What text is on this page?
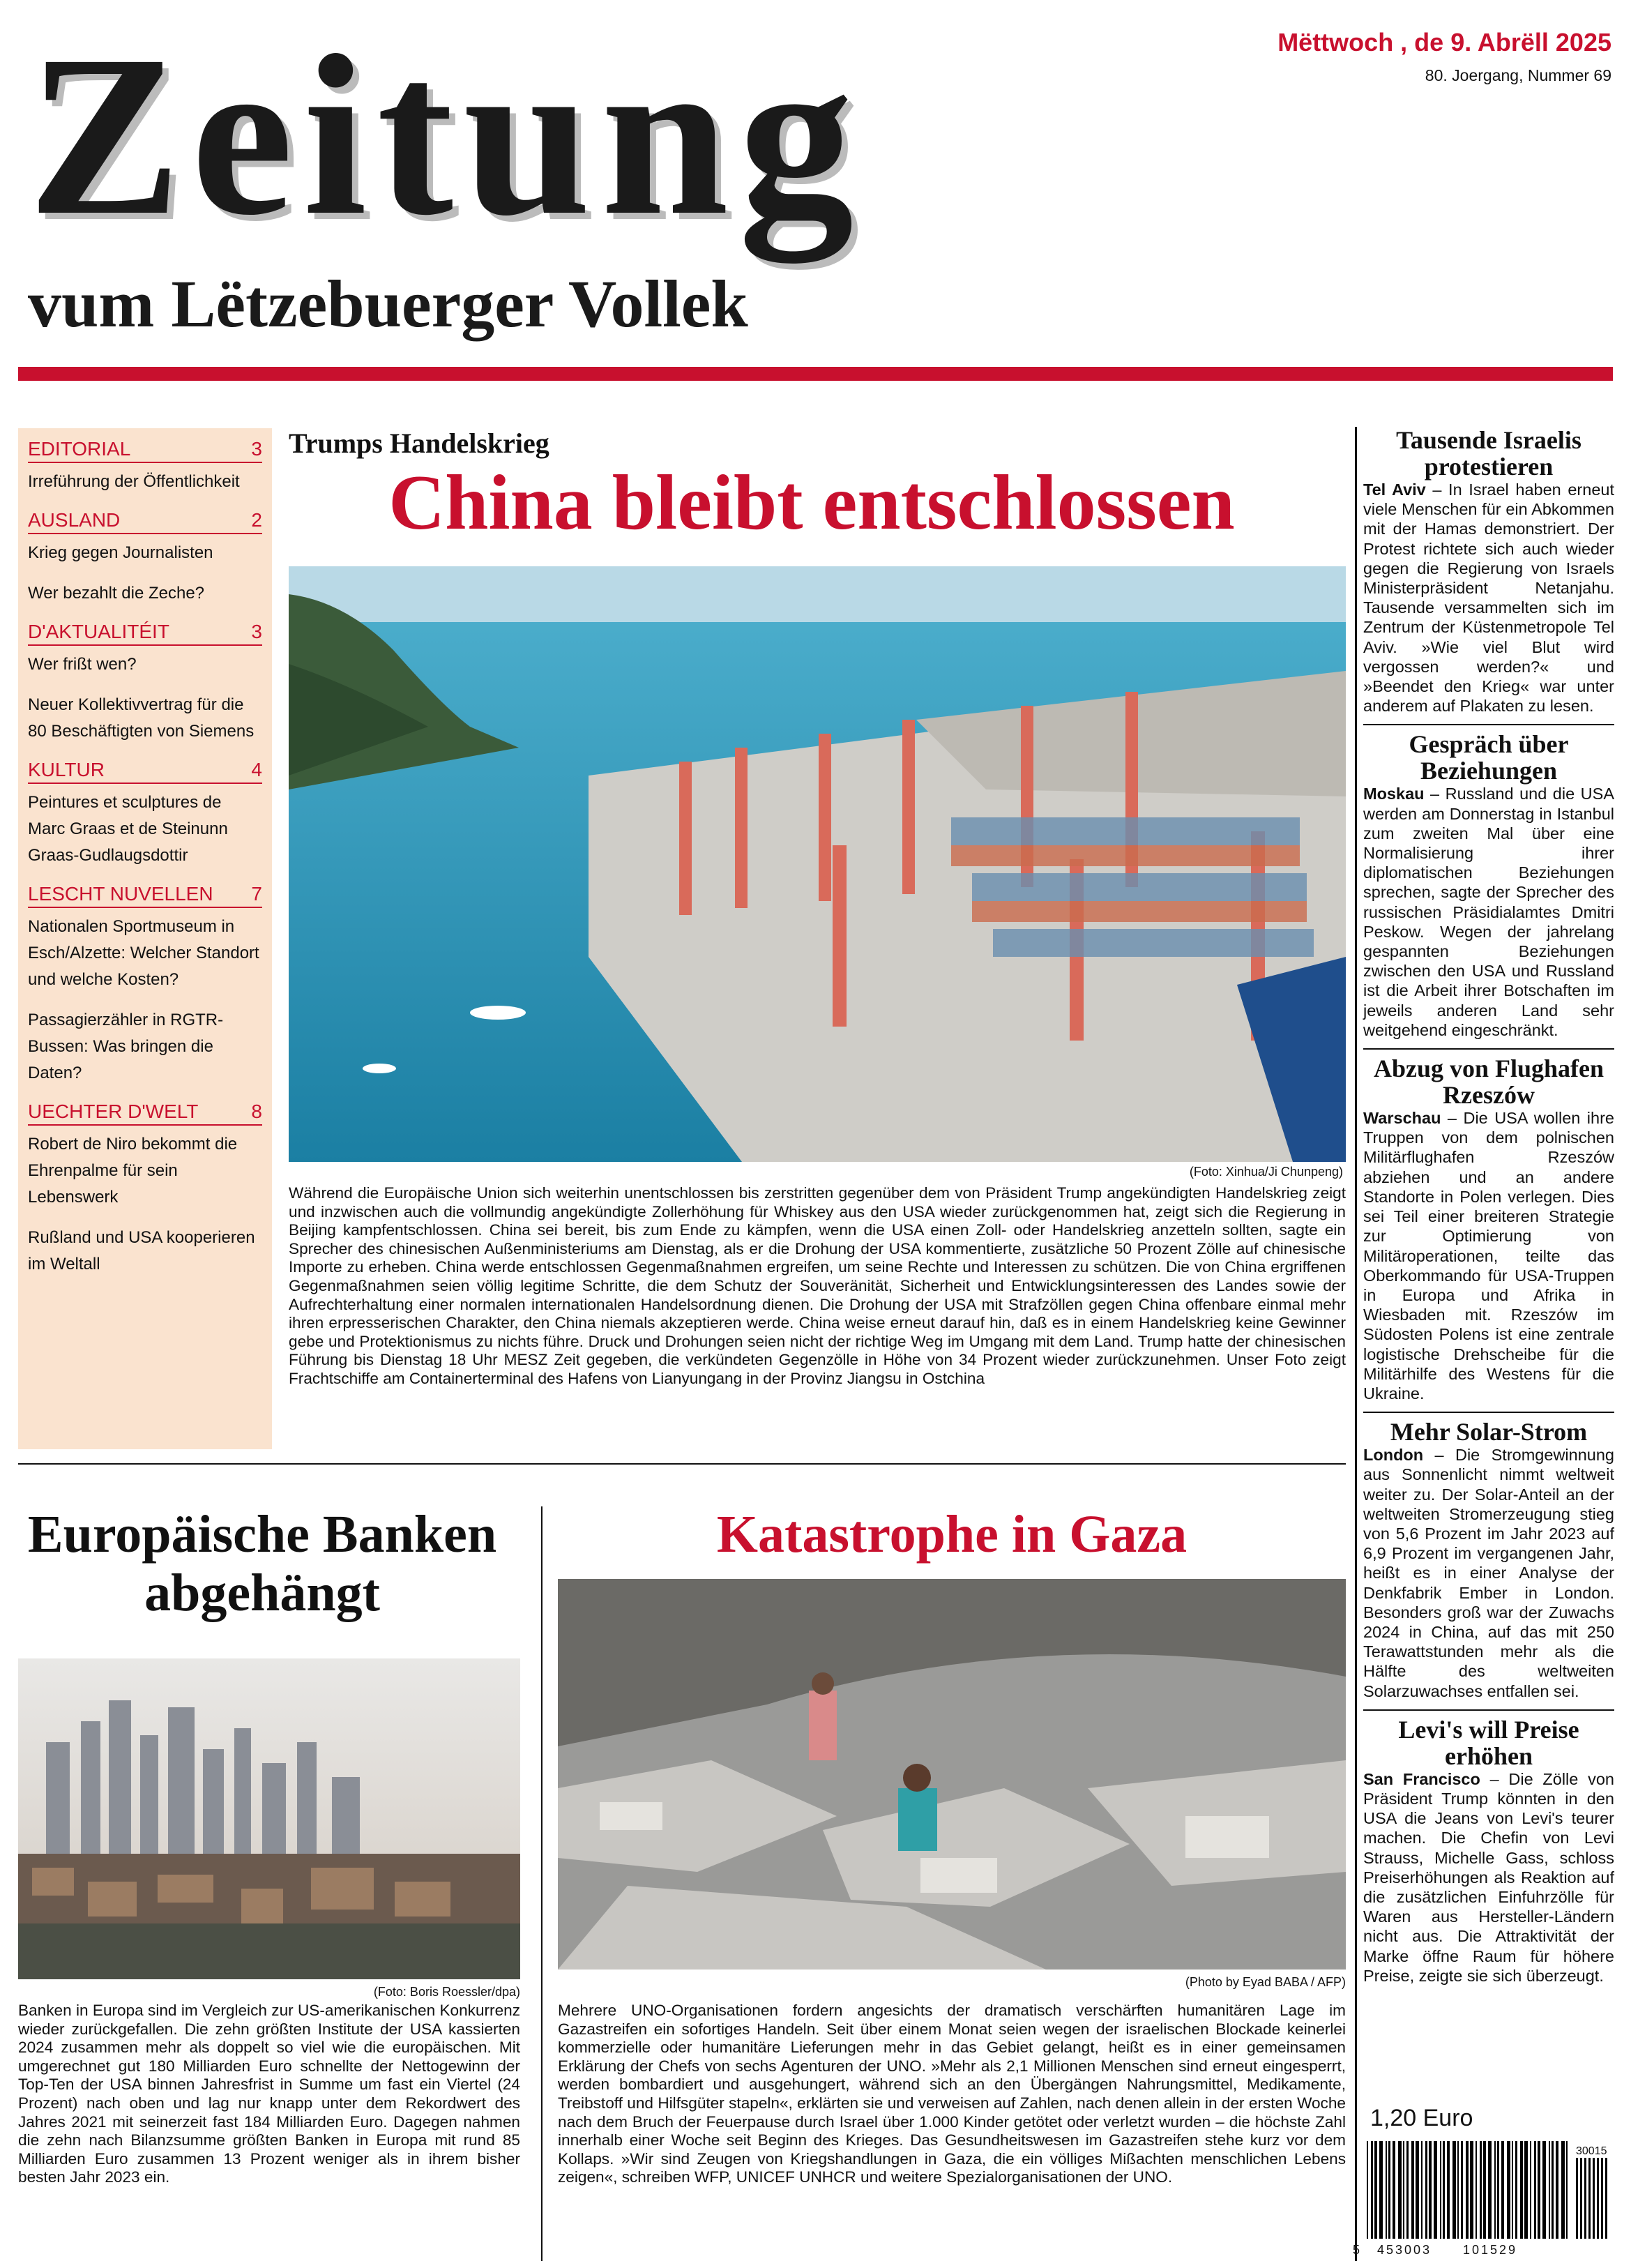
Zeitung
vum Lëtzebuerger Vollek
Mëttwoch , de 9. Abrëll 2025
80. Joergang, Nummer 69
EDITORIAL	3
Irreführung der Öffentlichkeit
AUSLAND	2
Krieg gegen Journalisten
Wer bezahlt die Zeche?
D'AKTUALITÉIT	3
Wer frißt wen?
Neuer Kollektivvertrag für die 80 Beschäftigten von Siemens
KULTUR	4
Peintures et sculptures de Marc Graas et de Steinunn Graas-Gudlaugsdottir
LESCHT NUVELLEN 7
Nationalen Sportmuseum in Esch/Alzette: Welcher Standort und welche Kosten?
Passagierzähler in RGTR-Bussen: Was bringen die Daten?
UECHTER D'WELT	8
Robert de Niro bekommt die Ehrenpalme für sein Lebenswerk
Rußland und USA kooperieren im Weltall
Trumps Handelskrieg
China bleibt entschlossen
(Foto: Xinhua/Ji Chunpeng)

Während die Europäische Union sich weiterhin unentschlossen bis zerstritten gegenüber dem von Präsident Trump angekündigten Handelskrieg zeigt und inzwischen auch die vollmundig angekündigte Zollerhöhung für Whiskey aus den USA wieder zurückgenommen hat, zeigt sich die Regierung in Beijing kampfentschlossen. China sei bereit, bis zum Ende zu kämpfen, wenn die USA einen Zoll- oder Handelskrieg anzetteln sollten, sagte ein Sprecher des chinesischen Außenministeriums am Dienstag, als er die Drohung der USA kommentierte, zusätzliche 50 Prozent Zölle auf chinesische Importe zu erheben. China werde entschlossen Gegenmaßnahmen ergreifen, um seine Rechte und Interessen zu schützen. Die von China ergriffenen Gegenmaßnahmen seien völlig legitime Schritte, die dem Schutz der Souveränität, Sicherheit und Entwicklungsinteressen des Landes sowie der Aufrechterhaltung einer normalen internationalen Handelsordnung dienen. Die Drohung der USA mit Strafzöllen gegen China offenbare einmal mehr ihren erpresserischen Charakter, den China niemals akzeptieren werde. China weise erneut darauf hin, daß es in einem Handelskrieg keine Gewinner gebe und Protektionismus zu nichts führe. Druck und Drohungen seien nicht der richtige Weg im Umgang mit dem Land. Trump hatte der chinesischen Führung bis Dienstag 18 Uhr MESZ Zeit gegeben, die verkündeten Gegenzölle in Höhe von 34 Prozent wieder zurückzunehmen. Unser Foto zeigt Frachtschiffe am Containerterminal des Hafens von Lianyungang in der Provinz Jiangsu in Ostchina

Europäische Banken
abgehängt
(Foto: Boris Roessler/dpa)

Banken in Europa sind im Vergleich zur US-amerikanischen Konkurrenz wieder zurückgefallen. Die zehn größten Institute der USA kassierten 2024 zusammen mehr als doppelt so viel wie die europäischen. Mit umgerechnet gut 180 Milliarden Euro schnellte der Nettogewinn der Top-Ten der USA binnen Jahresfrist in Summe um fast ein Viertel (24 Prozent) nach oben und lag nur knapp unter dem Rekordwert des Jahres 2021 mit seinerzeit fast 184 Milliarden Euro. Dagegen nahmen die zehn nach Bilanzsumme größten Banken in Europa mit rund 85 Milliarden Euro zusammen 13 Prozent weniger als in ihrem bisher besten Jahr 2023 ein.

Katastrophe in Gaza
(Photo by Eyad BABA / AFP)

Mehrere UNO-Organisationen fordern angesichts der dramatisch verschärften humanitären Lage im Gazastreifen ein sofortiges Handeln. Seit über einem Monat seien wegen der israelischen Blockade keinerlei kommerzielle oder humanitäre Lieferungen mehr in das Gebiet gelangt, heißt es in einer gemeinsamen Erklärung der Chefs von sechs Agenturen der UNO. »Mehr als 2,1 Millionen Menschen sind erneut eingesperrt, werden bombardiert und ausgehungert, während sich an den Übergängen Nahrungsmittel, Medikamente, Treibstoff und Hilfsgüter stapeln«, erklärten sie und verweisen auf Zahlen, nach denen allein in der ersten Woche nach dem Bruch der Feuerpause durch Israel über 1.000 Kinder getötet oder verletzt wurden – die höchste Zahl innerhalb einer Woche seit Beginn des Krieges. Das Gesundheitswesen im Gazastreifen stehe kurz vor dem Kollaps. »Wir sind Zeugen von Kriegshandlungen in Gaza, die ein völliges Mißachten menschlichen Lebens zeigen«, schreiben WFP, UNICEF UNHCR und weitere Spezialorganisationen der UNO.

Tausende Israelis protestieren

Tel Aviv – In Israel haben erneut viele Menschen für ein Abkommen mit der Hamas demonstriert. Der Protest richtete sich auch wieder gegen die Regierung von Israels Ministerpräsident Netanjahu. Tausende versammelten sich im Zentrum der Küstenmetropole Tel Aviv. »Wie viel Blut wird vergossen werden?« und »Beendet den Krieg« war unter anderem auf Plakaten zu lesen.

Gespräch über Beziehungen

Moskau – Russland und die USA werden am Donnerstag in Istanbul zum zweiten Mal über eine Normalisierung ihrer diplomatischen Beziehungen sprechen, sagte der Sprecher des russischen Präsidialamtes Dmitri Peskow. Wegen der jahrelang gespannten Beziehungen zwischen den USA und Russland ist die Arbeit ihrer Botschaften im jeweils anderen Land sehr weitgehend eingeschränkt.

Abzug von Flughafen Rzeszów

Warschau – Die USA wollen ihre Truppen von dem polnischen Militärflughafen Rzeszów abziehen und an andere Standorte in Polen verlegen. Dies sei Teil einer breiteren Strategie zur Optimierung von Militäroperationen, teilte das Oberkommando für USA-Truppen in Europa und Afrika in Wiesbaden mit. Rzeszów im Südosten Polens ist eine zentrale logistische Drehscheibe für die Militärhilfe des Westens für die Ukraine.

Mehr Solar-Strom

London – Die Stromgewinnung aus Sonnenlicht nimmt weltweit weiter zu. Der Solar-Anteil an der weltweiten Stromerzeugung stieg von 5,6 Prozent im Jahr 2023 auf 6,9 Prozent im vergangenen Jahr, heißt es in einer Analyse der Denkfabrik Ember in London. Besonders groß war der Zuwachs 2024 in China, auf das mit 250 Terawattstunden mehr als die Hälfte des weltweiten Solarzuwachses entfallen sei.

Levi's will Preise erhöhen

San Francisco – Die Zölle von Präsident Trump könnten in den USA die Jeans von Levi's teurer machen. Die Chefin von Levi Strauss, Michelle Gass, schloss Preiserhöhungen als Reaktion auf die zusätzlichen Einfuhrzölle für Waren aus Hersteller-Ländern nicht aus. Die Attraktivität der Marke öffne Raum für höhere Preise, zeigte sie sich überzeugt.

1,20 Euro
30015
5 453003 101529
